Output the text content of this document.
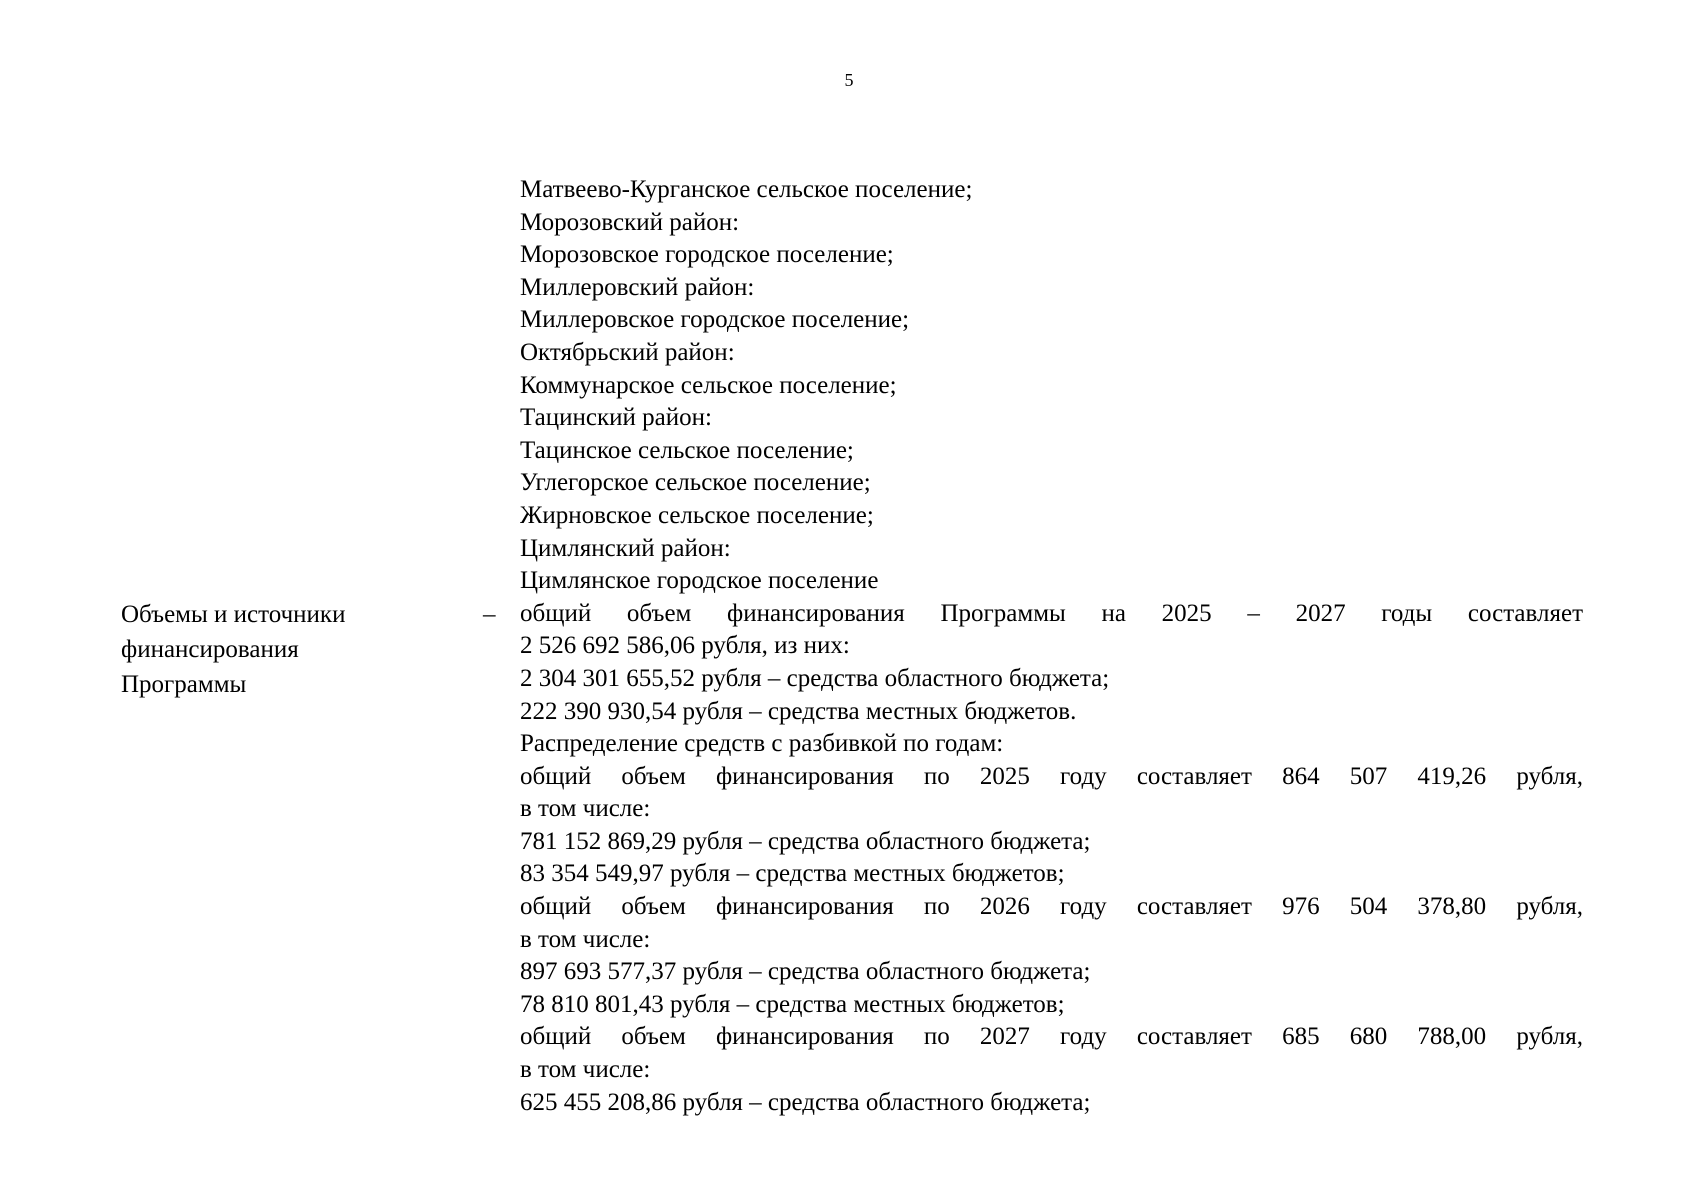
5
Объемы и источники
финансирования
Программы
–
Матвеево-Курганское сельское поселение;
Морозовский район:
Морозовское городское поселение;
Миллеровский район:
Миллеровское городское поселение;
Октябрьский район:
Коммунарское сельское поселение;
Тацинский район:
Тацинское сельское поселение;
Углегорское сельское поселение;
Жирновское сельское поселение;
Цимлянский район:
Цимлянское городское поселение
общий объем финансирования Программы на 2025 – 2027 годы составляет
2 526 692 586,06 рубля, из них:
2 304 301 655,52 рубля – средства областного бюджета;
222 390 930,54 рубля – средства местных бюджетов.
Распределение средств с разбивкой по годам:
общий объем финансирования по 2025 году составляет 864 507 419,26 рубля,
в том числе:
781 152 869,29 рубля – средства областного бюджета;
83 354 549,97 рубля – средства местных бюджетов;
общий объем финансирования по 2026 году составляет 976 504 378,80 рубля,
в том числе:
897 693 577,37 рубля – средства областного бюджета;
78 810 801,43 рубля – средства местных бюджетов;
общий объем финансирования по 2027 году составляет 685 680 788,00 рубля,
в том числе:
625 455 208,86 рубля – средства областного бюджета;
